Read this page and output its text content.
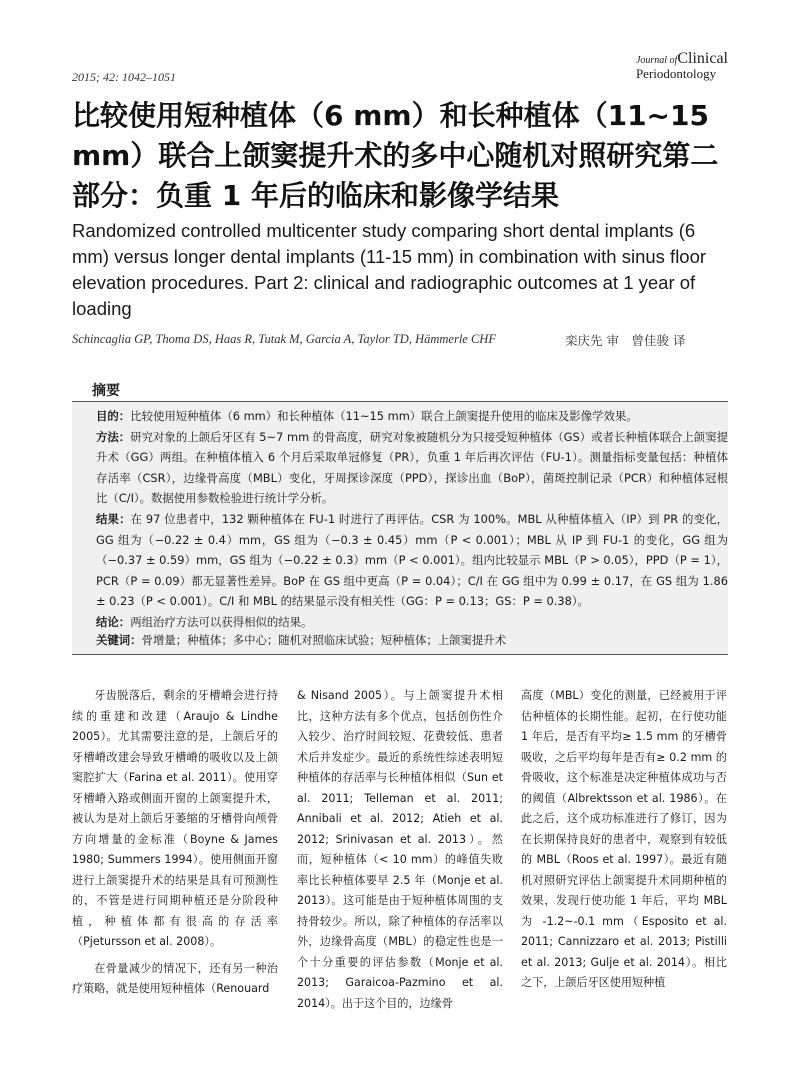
2015; 42: 1042–1051
Journal ofClinical
Periodontology
比较使用短种植体（6 mm）和长种植体（11~15 mm）联合上颌窦提升术的多中心随机对照研究第二部分：负重 1 年后的临床和影像学结果
Randomized controlled multicenter study comparing short dental implants (6 mm) versus longer dental implants (11-15 mm) in combination with sinus floor elevation procedures. Part 2: clinical and radiographic outcomes at 1 year of loading
Schincaglia GP, Thoma DS, Haas R, Tutak M, Garcia A, Taylor TD, Hämmerle CHF	栾庆先 审　曾佳骏 译
摘要

目的：比较使用短种植体（6 mm）和长种植体（11~15 mm）联合上颌窦提升使用的临床及影像学效果。

方法：研究对象的上颌后牙区有 5~7 mm 的骨高度，研究对象被随机分为只接受短种植体（GS）或者长种植体联合上颌窦提升术（GG）两组。在种植体植入 6 个月后采取单冠修复（PR），负重 1 年后再次评估（FU-1）。测量指标变量包括：种植体存活率（CSR），边缘骨高度（MBL）变化，牙周探诊深度（PPD），探诊出血（BoP），菌斑控制记录（PCR）和种植体冠根比（C/I）。数据使用参数检验进行统计学分析。

结果：在 97 位患者中，132 颗种植体在 FU-1 时进行了再评估。CSR 为 100%。MBL 从种植体植入（IP）到 PR 的变化，GG 组为（−0.22 ± 0.4）mm，GS 组为（−0.3 ± 0.45）mm（P < 0.001）；MBL 从 IP 到 FU-1 的变化，GG 组为（−0.37 ± 0.59）mm，GS 组为（−0.22 ± 0.3）mm（P < 0.001）。组内比较显示 MBL（P > 0.05），PPD（P = 1），PCR（P = 0.09）都无显著性差异。BoP 在 GS 组中更高（P = 0.04）；C/I 在 GG 组中为 0.99 ± 0.17，在 GS 组为 1.86 ± 0.23（P < 0.001）。C/I 和 MBL 的结果显示没有相关性（GG：P = 0.13；GS：P = 0.38）。

结论：两组治疗方法可以获得相似的结果。

关键词：骨增量；种植体；多中心；随机对照临床试验；短种植体；上颌窦提升术

牙齿脱落后，剩余的牙槽嵴会进行持续的重建和改建（Araujo & Lindhe 2005）。尤其需要注意的是，上颌后牙的牙槽嵴改建会导致牙槽嵴的吸收以及上颌窦腔扩大（Farina et al. 2011）。使用穿牙槽嵴入路或侧面开窗的上颌窦提升术，被认为是对上颌后牙萎缩的牙槽骨向颅骨方向增量的金标准（Boyne & James 1980; Summers 1994）。使用侧面开窗进行上颌窦提升术的结果是具有可预测性的，不管是进行同期种植还是分阶段种植，种植体都有很高的存活率（Pjetursson et al. 2008）。

在骨量减少的情况下，还有另一种治疗策略，就是使用短种植体（Renouard

& Nisand 2005）。与上颌窦提升术相比，这种方法有多个优点，包括创伤性介入较少、治疗时间较短、花费较低、患者术后并发症少。最近的系统性综述表明短种植体的存活率与长种植体相似（Sun et al. 2011; Telleman et al. 2011; Annibali et al. 2012; Atieh et al. 2012; Srinivasan et al. 2013）。然而，短种植体（< 10 mm）的峰值失败率比长种植体要早 2.5 年（Monje et al. 2013）。这可能是由于短种植体周围的支持骨较少。所以，除了种植体的存活率以外，边缘骨高度（MBL）的稳定性也是一个十分重要的评估参数（Monje et al. 2013; Garaicoa-Pazmino et al. 2014）。出于这个目的，边缘骨

高度（MBL）变化的测量，已经被用于评估种植体的长期性能。起初，在行使功能 1 年后，是否有平均≥ 1.5 mm 的牙槽骨吸收，之后平均每年是否有≥ 0.2 mm 的骨吸收，这个标准是决定种植体成功与否的阈值（Albrektsson et al. 1986）。在此之后，这个成功标准进行了修订，因为在长期保持良好的患者中，观察到有较低的 MBL（Roos et al. 1997）。最近有随机对照研究评估上颌窦提升术同期种植的效果，发现行使功能 1 年后，平均 MBL 为 -1.2~-0.1 mm（Esposito et al. 2011; Cannizzaro et al. 2013; Pistilli et al. 2013; Gulje et al. 2014）。相比之下，上颌后牙区使用短种植
